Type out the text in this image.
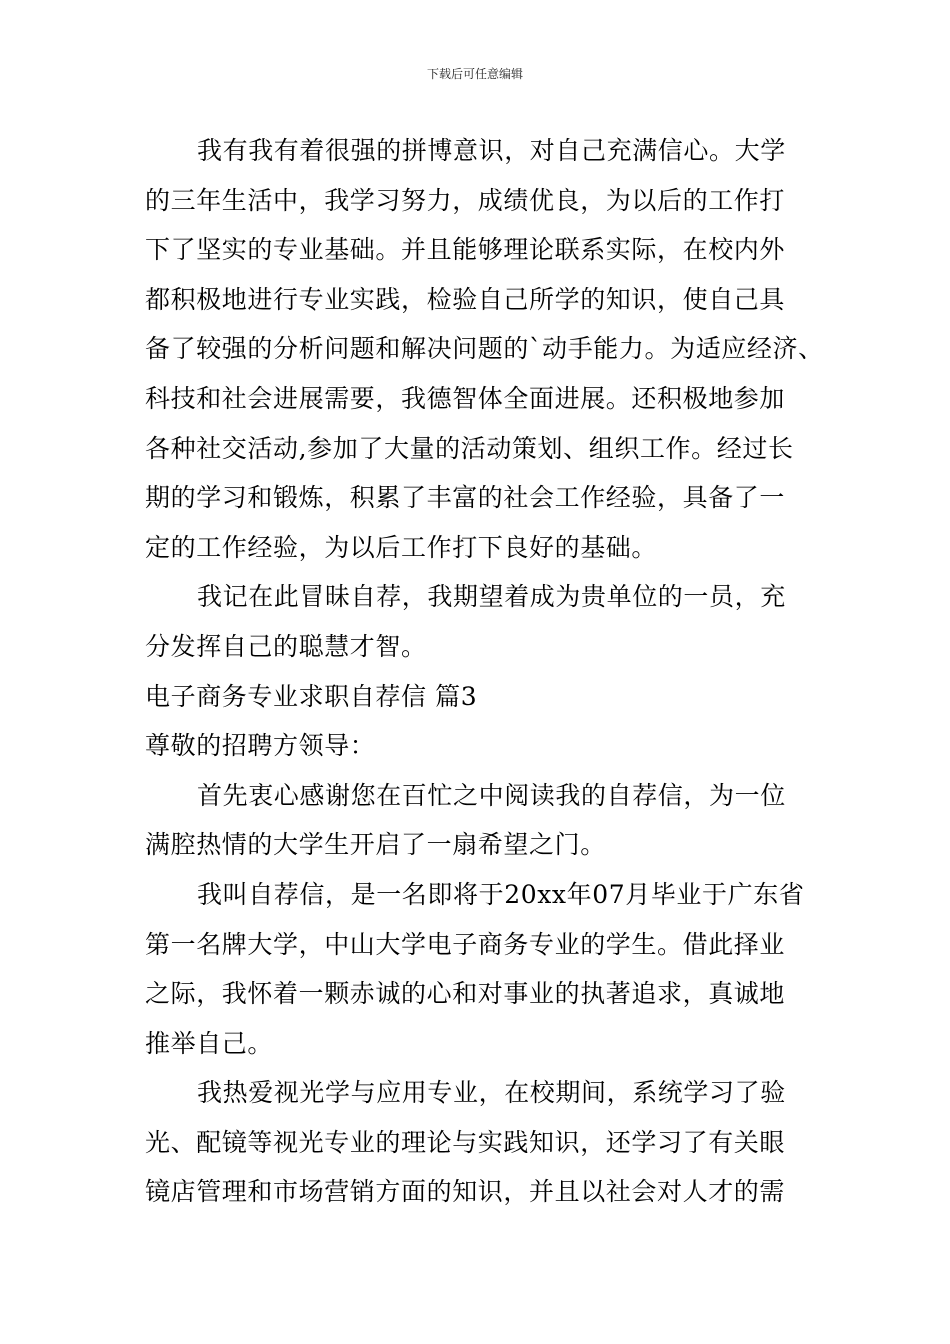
下载后可任意编辑
我有我有着很强的拼博意识，对自己充满信心。大学
的三年生活中，我学习努力，成绩优良，为以后的工作打
下了坚实的专业基础。并且能够理论联系实际，在校内外
都积极地进行专业实践，检验自己所学的知识，使自己具
备了较强的分析问题和解决问题的`动手能力。为适应经济、
科技和社会进展需要，我德智体全面进展。还积极地参加
各种社交活动,参加了大量的活动策划、组织工作。经过长
期的学习和锻炼，积累了丰富的社会工作经验，具备了一
定的工作经验，为以后工作打下良好的基础。
我记在此冒昧自荐，我期望着成为贵单位的一员，充
分发挥自己的聪慧才智。
电子商务专业求职自荐信 篇3
尊敬的招聘方领导：
首先衷心感谢您在百忙之中阅读我的自荐信，为一位
满腔热情的大学生开启了一扇希望之门。
我叫自荐信，是一名即将于20xx年07月毕业于广东省
第一名牌大学，中山大学电子商务专业的学生。借此择业
之际，我怀着一颗赤诚的心和对事业的执著追求，真诚地
推举自己。
我热爱视光学与应用专业，在校期间，系统学习了验
光、配镜等视光专业的理论与实践知识，还学习了有关眼
镜店管理和市场营销方面的知识，并且以社会对人才的需
